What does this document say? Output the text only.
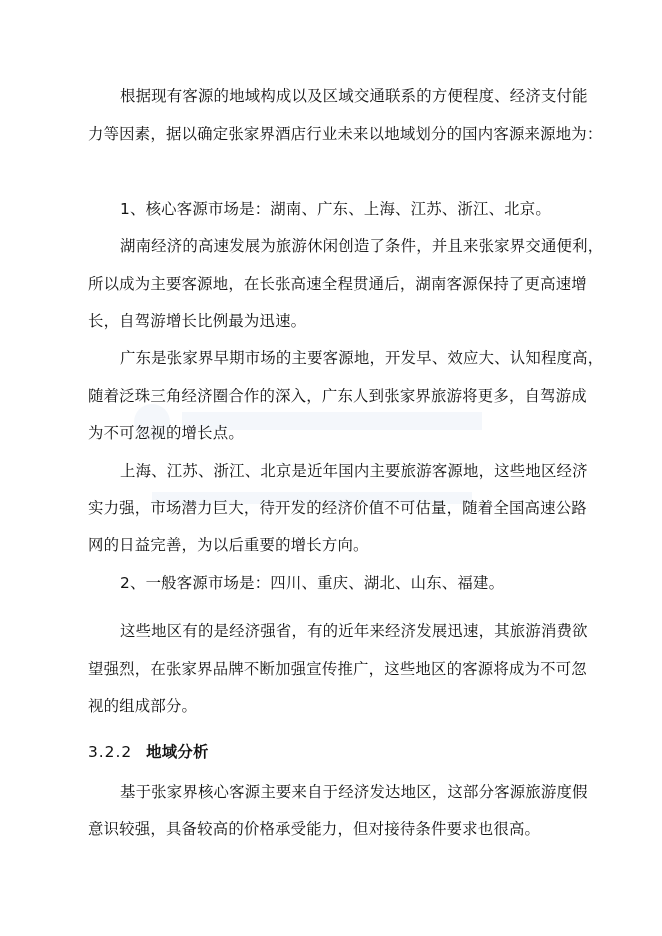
根据现有客源的地域构成以及区域交通联系的方便程度、经济支付能
力等因素，据以确定张家界酒店行业未来以地域划分的国内客源来源地为：
1、核心客源市场是：湖南、广东、上海、江苏、浙江、北京。
湖南经济的高速发展为旅游休闲创造了条件，并且来张家界交通便利，
所以成为主要客源地，在长张高速全程贯通后，湖南客源保持了更高速增
长，自驾游增长比例最为迅速。
广东是张家界早期市场的主要客源地，开发早、效应大、认知程度高，
随着泛珠三角经济圈合作的深入，广东人到张家界旅游将更多，自驾游成
为不可忽视的增长点。
上海、江苏、浙江、北京是近年国内主要旅游客源地，这些地区经济
实力强，市场潜力巨大，待开发的经济价值不可估量，随着全国高速公路
网的日益完善，为以后重要的增长方向。
2、一般客源市场是：四川、重庆、湖北、山东、福建。
这些地区有的是经济强省，有的近年来经济发展迅速，其旅游消费欲
望强烈，在张家界品牌不断加强宣传推广，这些地区的客源将成为不可忽
视的组成部分。
3.2.2 地域分析
基于张家界核心客源主要来自于经济发达地区，这部分客源旅游度假
意识较强，具备较高的价格承受能力，但对接待条件要求也很高。
